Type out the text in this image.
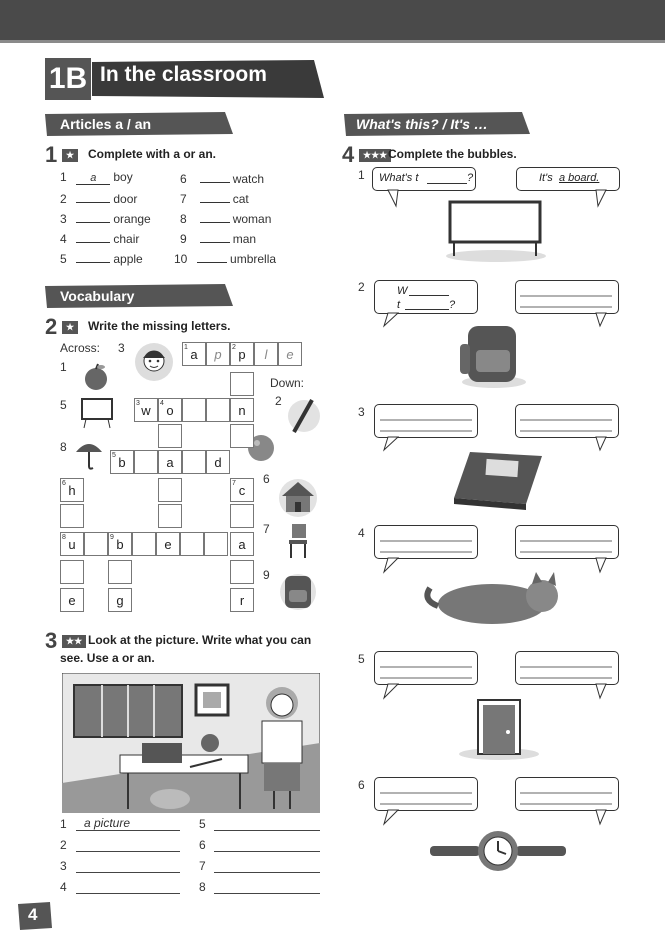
1B In the classroom
Articles a / an
1 ★	Complete with a or an.
1 a boy
2	door
3	orange
4	chair
5	apple
6	watch
7	cat
8	woman
9	man
10	umbrella
Vocabulary
2 ★	Write the missing letters.
Across: 3
1
5
8
Down:
2
6
7
9
1 a	p	2 p	l	e
3 w	4 o	n
5 b	a	d
6 h	7 c
8 u	9 b	e	a
e	g	r
3 ★★ Look at the picture. Write what you can
see. Use a or an.
1 a picture
2
3
4
5
6
7
8
4
What's this? / It's …
4 ★★★ Complete the bubbles.
1 What's t	?	It's a board.
2	W
t	?
3
4
5
6
